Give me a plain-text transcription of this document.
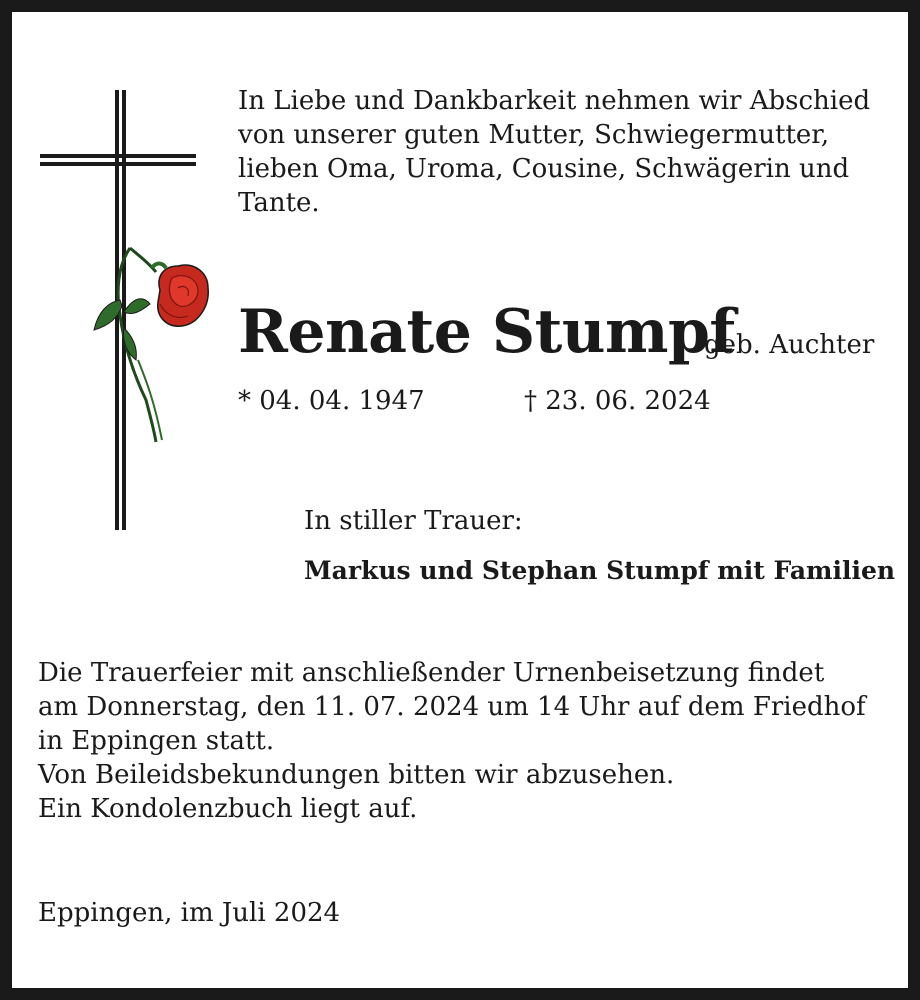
In Liebe und Dankbarkeit nehmen wir Abschied
von unserer guten Mutter, Schwiegermutter,
lieben Oma, Uroma, Cousine, Schwägerin und
Tante.

Renate Stumpf

geb. Auchter

* 04. 04. 1947	† 23. 06. 2024

In stiller Trauer:

Markus und Stephan Stumpf mit Familien

Die Trauerfeier mit anschließender Urnenbeisetzung findet
am Donnerstag, den 11. 07. 2024 um 14 Uhr auf dem Friedhof
in Eppingen statt.
Von Beileidsbekundungen bitten wir abzusehen.
Ein Kondolenzbuch liegt auf.

Eppingen, im Juli 2024
